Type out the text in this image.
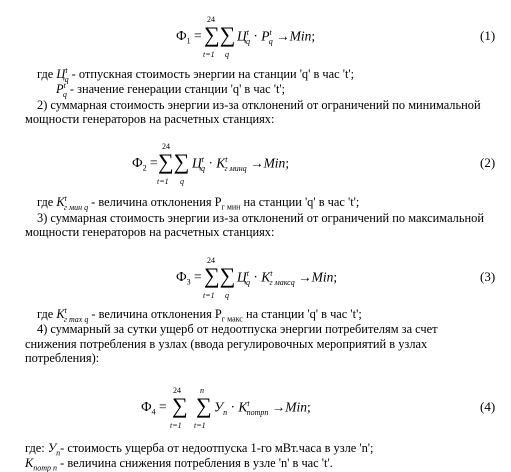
$Ф_1$ =
24
∑∑
t=1 q
$Ц^t_q \cdot P^t_q \to Min$;	(1)
где $Ц^t_q$ - отпускная стоимость энергии на станции 'q' в час 't';
$P^t_q$ - значение генерации станции 'q' в час 't';
2) суммарная стоимость энергии из-за отклонений от ограничений по минимальной
мощности генераторов на расчетных станциях:
$Ф_2$ =
24
∑∑
t=1 q
$Ц^t_q \cdot K^t_{г минq} \to Min$;	(2)
где $K^t_{г мин q}$ - величина отклонения $P_{г мин}$ на станции 'q' в час 't';
3) суммарная стоимость энергии из-за отклонений от ограничений по максимальной
мощности генераторов на расчетных станциях:
$Ф_3$ =
24
∑∑
t=1 q
$Ц^t_q \cdot K^t_{г максq} \to Min$;	(3)
где $K^t_{г max q}$ - величина отклонения $P_{г макс}$ на станции 'q' в час 't';
4) суммарный за сутки ущерб от недоотпуска энергии потребителям за счет
снижения потребления в узлах (ввода регулировочных мероприятий в узлах
потребления):
$Ф_4$ =
24
∑
t=1
n
∑
t=1
$У_n \cdot K^t_{потрn} \to Min$;	(4)
где: $У_n-$ стоимость ущерба от недоотпуска 1-го мВт.часа в узле 'n';
$K_{потр n}$ - величина снижения потребления в узле 'n' в час 't'.
